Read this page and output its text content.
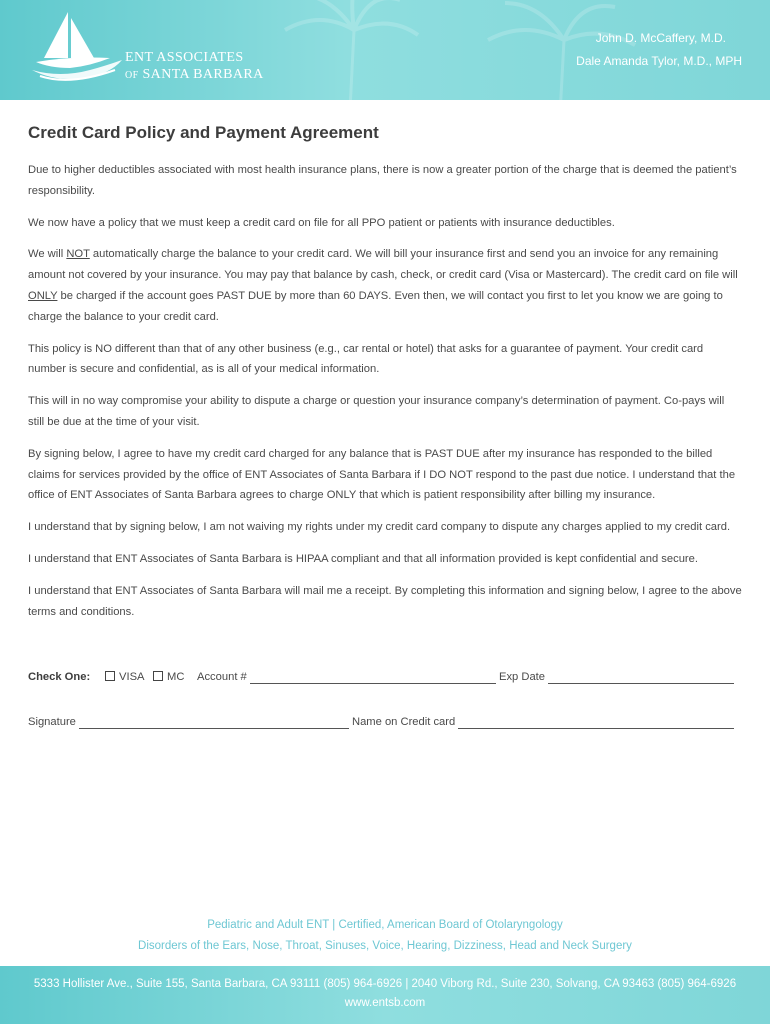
ENT ASSOCIATES
OF SANTA BARBARA
John D. McCaffery, M.D.
Dale Amanda Tylor, M.D., MPH
Credit Card Policy and Payment Agreement

Due to higher deductibles associated with most health insurance plans, there is now a greater portion of the charge that is deemed the patient’s responsibility.

We now have a policy that we must keep a credit card on file for all PPO patient or patients with insurance deductibles.

We will NOT automatically charge the balance to your credit card. We will bill your insurance first and send you an invoice for any remaining amount not covered by your insurance. You may pay that balance by cash, check, or credit card (Visa or Mastercard). The credit card on file will ONLY be charged if the account goes PAST DUE by more than 60 DAYS. Even then, we will contact you first to let you know we are going to charge the balance to your credit card.

This policy is NO different than that of any other business (e.g., car rental or hotel) that asks for a guarantee of payment. Your credit card number is secure and confidential, as is all of your medical information.

This will in no way compromise your ability to dispute a charge or question your insurance company’s determination of payment. Co-pays will still be due at the time of your visit.

By signing below, I agree to have my credit card charged for any balance that is PAST DUE after my insurance has responded to the billed claims for services provided by the office of ENT Associates of Santa Barbara if I DO NOT respond to the past due notice. I understand that the office of ENT Associates of Santa Barbara agrees to charge ONLY that which is patient responsibility after billing my insurance.

I understand that by signing below, I am not waiving my rights under my credit card company to dispute any charges applied to my credit card.

I understand that ENT Associates of Santa Barbara is HIPAA compliant and that all information provided is kept confidential and secure.

I understand that ENT Associates of Santa Barbara will mail me a receipt. By completing this information and signing below, I agree to the above terms and conditions.

Check One:	VISA	MC Account #	Exp Date
Signature	Name on Credit card
Pediatric and Adult ENT | Certified, American Board of Otolaryngology
Disorders of the Ears, Nose, Throat, Sinuses, Voice, Hearing, Dizziness, Head and Neck Surgery
5333 Hollister Ave., Suite 155, Santa Barbara, CA 93111 (805) 964-6926 | 2040 Viborg Rd., Suite 230, Solvang, CA 93463 (805) 964-6926
www.entsb.com
